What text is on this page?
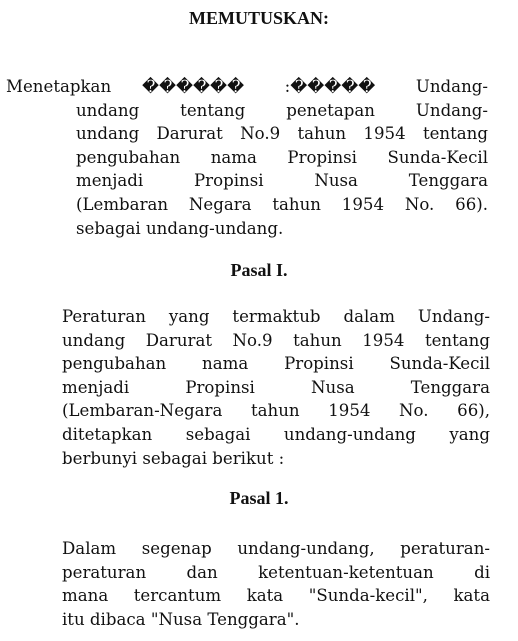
MEMUTUSKAN:
Menetapkan	������ :����� Undang-
undang tentang penetapan Undang-
undang Darurat No.9 tahun 1954 tentang
pengubahan nama Propinsi Sunda-Kecil
menjadi Propinsi Nusa Tenggara
(Lembaran Negara tahun 1954 No. 66).
sebagai undang-undang.
Pasal I.
Peraturan yang termaktub dalam Undang-
undang Darurat No.9 tahun 1954 tentang
pengubahan nama Propinsi Sunda-Kecil
menjadi Propinsi Nusa Tenggara
(Lembaran-Negara tahun 1954 No. 66),
ditetapkan sebagai undang-undang yang
berbunyi sebagai berikut :
Pasal 1.
Dalam segenap undang-undang, peraturan-
peraturan dan ketentuan-ketentuan di
mana tercantum kata "Sunda-kecil", kata
itu dibaca "Nusa Tenggara".
